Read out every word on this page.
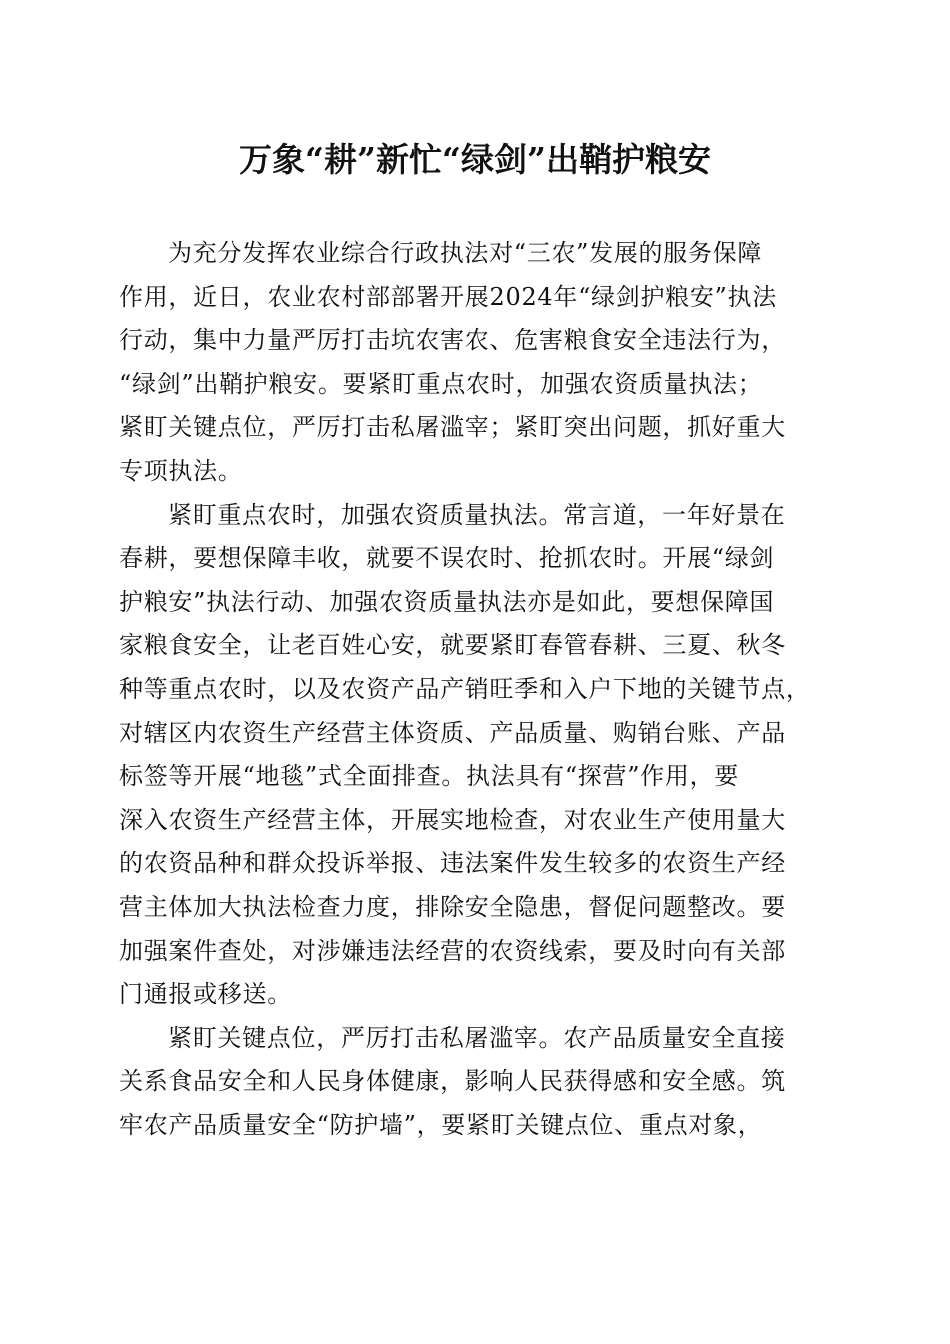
万象“耕”新忙“绿剑”出鞘护粮安
为充分发挥农业综合行政执法对“三农”发展的服务保障
作用，近日，农业农村部部署开展2024年“绿剑护粮安”执法
行动，集中力量严厉打击坑农害农、危害粮食安全违法行为，
“绿剑”出鞘护粮安。要紧盯重点农时，加强农资质量执法；
紧盯关键点位，严厉打击私屠滥宰；紧盯突出问题，抓好重大
专项执法。
紧盯重点农时，加强农资质量执法。常言道，一年好景在
春耕，要想保障丰收，就要不误农时、抢抓农时。开展“绿剑
护粮安”执法行动、加强农资质量执法亦是如此，要想保障国
家粮食安全，让老百姓心安，就要紧盯春管春耕、三夏、秋冬
种等重点农时，以及农资产品产销旺季和入户下地的关键节点，
对辖区内农资生产经营主体资质、产品质量、购销台账、产品
标签等开展“地毯”式全面排查。执法具有“探营”作用，要
深入农资生产经营主体，开展实地检查，对农业生产使用量大
的农资品种和群众投诉举报、违法案件发生较多的农资生产经
营主体加大执法检查力度，排除安全隐患，督促问题整改。要
加强案件查处，对涉嫌违法经营的农资线索，要及时向有关部
门通报或移送。
紧盯关键点位，严厉打击私屠滥宰。农产品质量安全直接
关系食品安全和人民身体健康，影响人民获得感和安全感。筑
牢农产品质量安全“防护墙”，要紧盯关键点位、重点对象，
